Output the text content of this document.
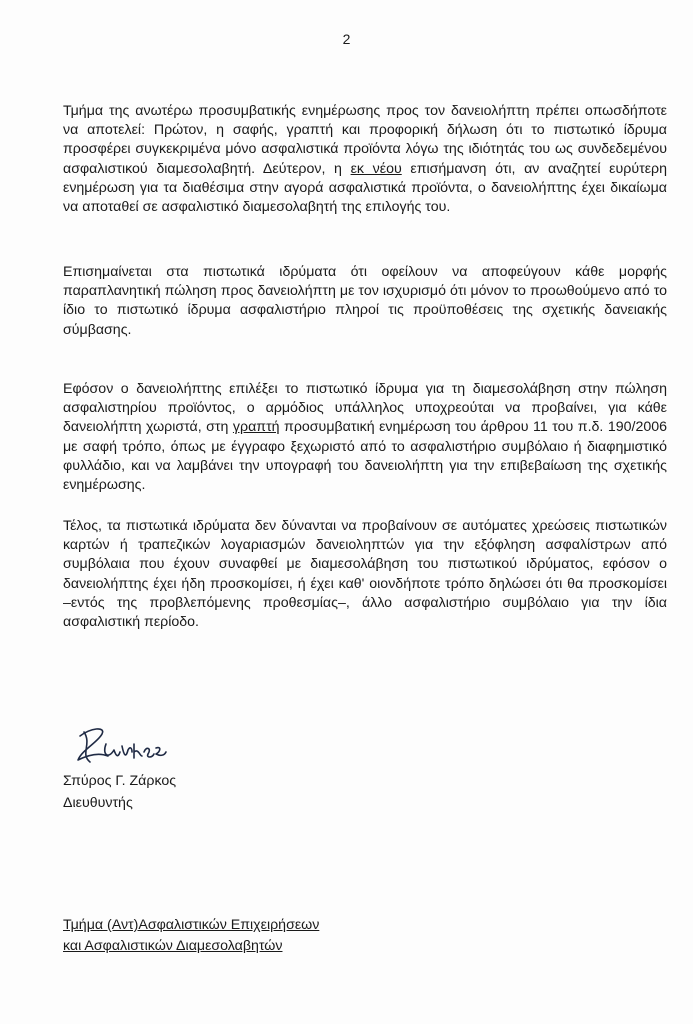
2

Τμήμα της ανωτέρω προσυμβατικής ενημέρωσης προς τον δανειολήπτη πρέπει οπωσδήποτε να αποτελεί: Πρώτον, η σαφής, γραπτή και προφορική δήλωση ότι το πιστωτικό ίδρυμα προσφέρει συγκεκριμένα μόνο ασφαλιστικά προϊόντα λόγω της ιδιότητάς του ως συνδεδεμένου ασφαλιστικού διαμεσολαβητή. Δεύτερον, η εκ νέου επισήμανση ότι, αν αναζητεί ευρύτερη ενημέρωση για τα διαθέσιμα στην αγορά ασφαλιστικά προϊόντα, ο δανειολήπτης έχει δικαίωμα να αποταθεί σε ασφαλιστικό διαμεσολαβητή της επιλογής του.

Επισημαίνεται στα πιστωτικά ιδρύματα ότι οφείλουν να αποφεύγουν κάθε μορφής παραπλανητική πώληση προς δανειολήπτη με τον ισχυρισμό ότι μόνον το προωθούμενο από το ίδιο το πιστωτικό ίδρυμα ασφαλιστήριο πληροί τις προϋποθέσεις της σχετικής δανειακής σύμβασης.

Εφόσον ο δανειολήπτης επιλέξει το πιστωτικό ίδρυμα για τη διαμεσολάβηση στην πώληση ασφαλιστηρίου προϊόντος, ο αρμόδιος υπάλληλος υποχρεούται να προβαίνει, για κάθε δανειολήπτη χωριστά, στη γραπτή προσυμβατική ενημέρωση του άρθρου 11 του π.δ. 190/2006 με σαφή τρόπο, όπως με έγγραφο ξεχωριστό από το ασφαλιστήριο συμβόλαιο ή διαφημιστικό φυλλάδιο, και να λαμβάνει την υπογραφή του δανειολήπτη για την επιβεβαίωση της σχετικής ενημέρωσης.

Τέλος, τα πιστωτικά ιδρύματα δεν δύνανται να προβαίνουν σε αυτόματες χρεώσεις πιστωτικών καρτών ή τραπεζικών λογαριασμών δανειοληπτών για την εξόφληση ασφαλίστρων από συμβόλαια που έχουν συναφθεί με διαμεσολάβηση του πιστωτικού ιδρύματος, εφόσον ο δανειολήπτης έχει ήδη προσκομίσει, ή έχει καθ' οιονδήποτε τρόπο δηλώσει ότι θα προσκομίσει –εντός της προβλεπόμενης προθεσμίας–, άλλο ασφαλιστήριο συμβόλαιο για την ίδια ασφαλιστική περίοδο.

Σπύρος Γ. Ζάρκος
Διευθυντής
Τμήμα (Αντ)Ασφαλιστικών Επιχειρήσεων
και Ασφαλιστικών Διαμεσολαβητών
